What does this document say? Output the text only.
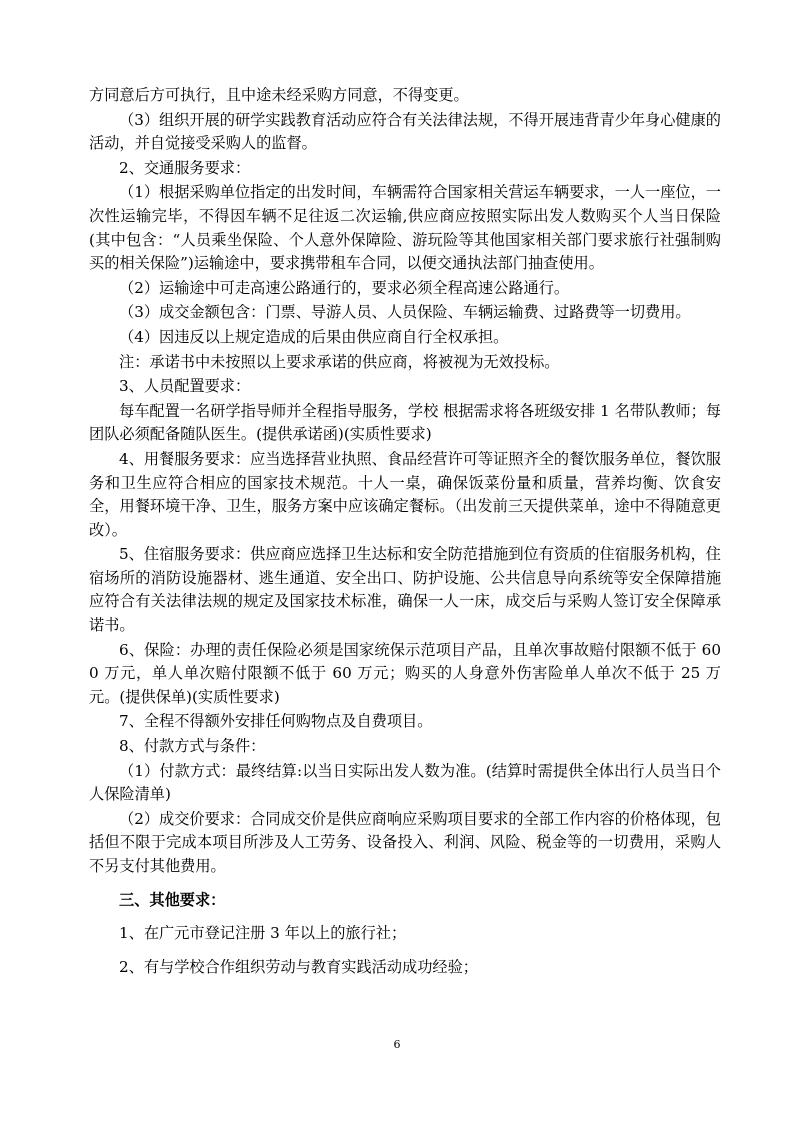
方同意后方可执行，且中途未经采购方同意，不得变更。

（3）组织开展的研学实践教育活动应符合有关法律法规，不得开展违背青少年身心健康的活动，并自觉接受采购人的监督。

2、交通服务要求：

（1）根据采购单位指定的出发时间，车辆需符合国家相关营运车辆要求，一人一座位，一次性运输完毕，不得因车辆不足往返二次运输,供应商应按照实际出发人数购买个人当日保险(其中包含：“人员乘坐保险、个人意外保障险、游玩险等其他国家相关部门要求旅行社强制购买的相关保险”)运输途中，要求携带租车合同，以便交通执法部门抽查使用。

（2）运输途中可走高速公路通行的，要求必须全程高速公路通行。

（3）成交金额包含：门票、导游人员、人员保险、车辆运输费、过路费等一切费用。

（4）因违反以上规定造成的后果由供应商自行全权承担。

注：承诺书中未按照以上要求承诺的供应商，将被视为无效投标。

3、人员配置要求：

每车配置一名研学指导师并全程指导服务，学校 根据需求将各班级安排 1 名带队教师；每团队必须配备随队医生。(提供承诺函)(实质性要求)

4、用餐服务要求：应当选择营业执照、食品经营许可等证照齐全的餐饮服务单位，餐饮服务和卫生应符合相应的国家技术规范。十人一桌，确保饭菜份量和质量，营养均衡、饮食安全，用餐环境干净、卫生，服务方案中应该确定餐标。（出发前三天提供菜单，途中不得随意更改）。

5、住宿服务要求：供应商应选择卫生达标和安全防范措施到位有资质的住宿服务机构，住宿场所的消防设施器材、逃生通道、安全出口、防护设施、公共信息导向系统等安全保障措施应符合有关法律法规的规定及国家技术标准，确保一人一床，成交后与采购人签订安全保障承诺书。

6、保险：办理的责任保险必须是国家统保示范项目产品，且单次事故赔付限额不低于 600 万元，单人单次赔付限额不低于 60 万元；购买的人身意外伤害险单人单次不低于 25 万元。(提供保单)(实质性要求)

7、全程不得额外安排任何购物点及自费项目。

8、付款方式与条件：

（1）付款方式：最终结算:以当日实际出发人数为准。(结算时需提供全体出行人员当日个人保险清单)

（2）成交价要求：合同成交价是供应商响应采购项目要求的全部工作内容的价格体现，包括但不限于完成本项目所涉及人工劳务、设备投入、利润、风险、税金等的一切费用，采购人不另支付其他费用。

三、其他要求：

1、在广元市登记注册 3 年以上的旅行社；

2、有与学校合作组织劳动与教育实践活动成功经验；

6
